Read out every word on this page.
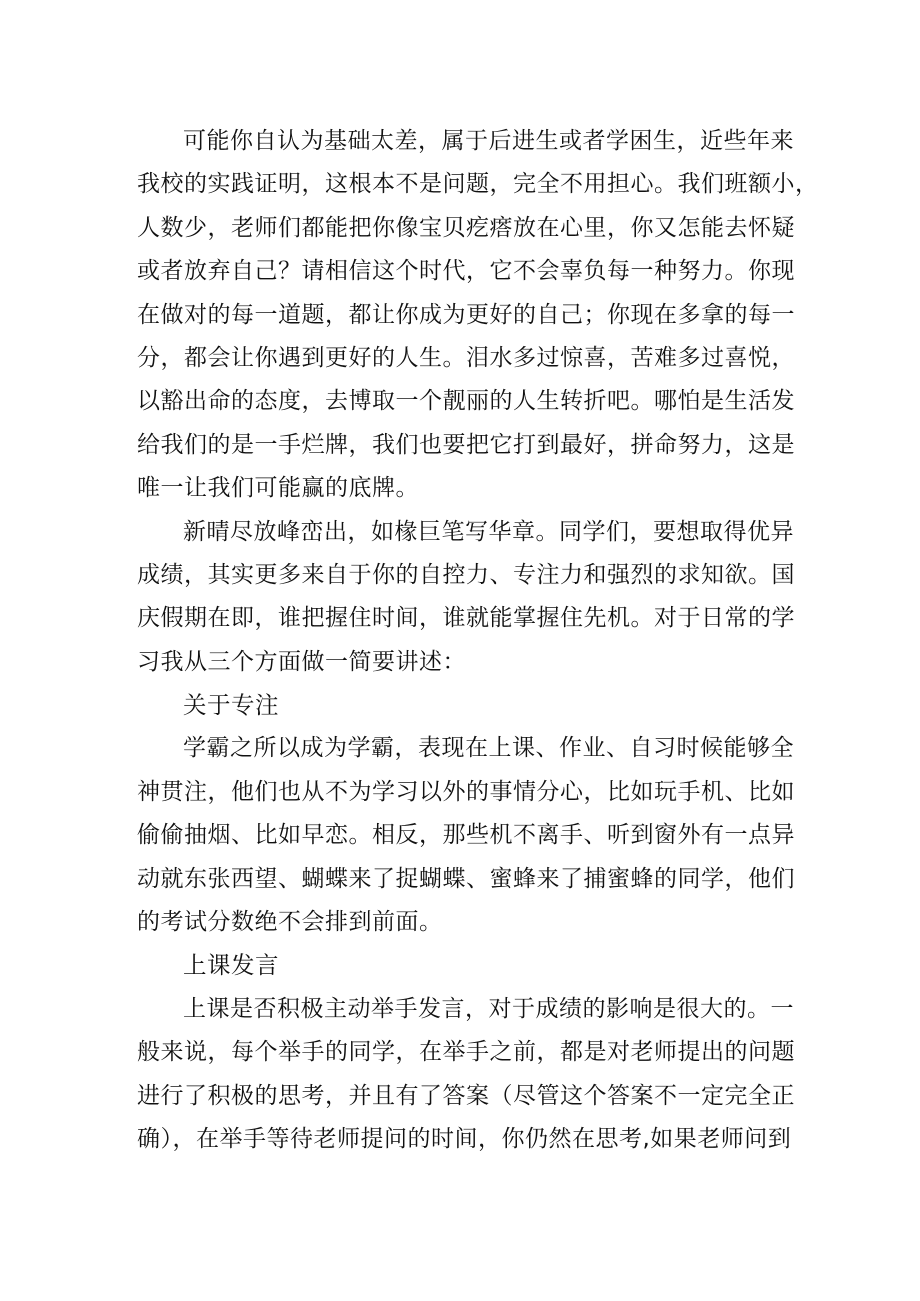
可能你自认为基础太差，属于后进生或者学困生，近些年来
我校的实践证明，这根本不是问题，完全不用担心。我们班额小，
人数少，老师们都能把你像宝贝疙瘩放在心里，你又怎能去怀疑
或者放弃自己？请相信这个时代，它不会辜负每一种努力。你现
在做对的每一道题，都让你成为更好的自己；你现在多拿的每一
分，都会让你遇到更好的人生。泪水多过惊喜，苦难多过喜悦，
以豁出命的态度，去博取一个靓丽的人生转折吧。哪怕是生活发
给我们的是一手烂牌，我们也要把它打到最好，拼命努力，这是
唯一让我们可能赢的底牌。
新晴尽放峰峦出，如椽巨笔写华章。同学们，要想取得优异
成绩，其实更多来自于你的自控力、专注力和强烈的求知欲。国
庆假期在即，谁把握住时间，谁就能掌握住先机。对于日常的学
习我从三个方面做一简要讲述：
关于专注
学霸之所以成为学霸，表现在上课、作业、自习时候能够全
神贯注，他们也从不为学习以外的事情分心，比如玩手机、比如
偷偷抽烟、比如早恋。相反，那些机不离手、听到窗外有一点异
动就东张西望、蝴蝶来了捉蝴蝶、蜜蜂来了捕蜜蜂的同学，他们
的考试分数绝不会排到前面。
上课发言
上课是否积极主动举手发言，对于成绩的影响是很大的。一
般来说，每个举手的同学，在举手之前，都是对老师提出的问题
进行了积极的思考，并且有了答案（尽管这个答案不一定完全正
确），在举手等待老师提问的时间，你仍然在思考,如果老师问到
